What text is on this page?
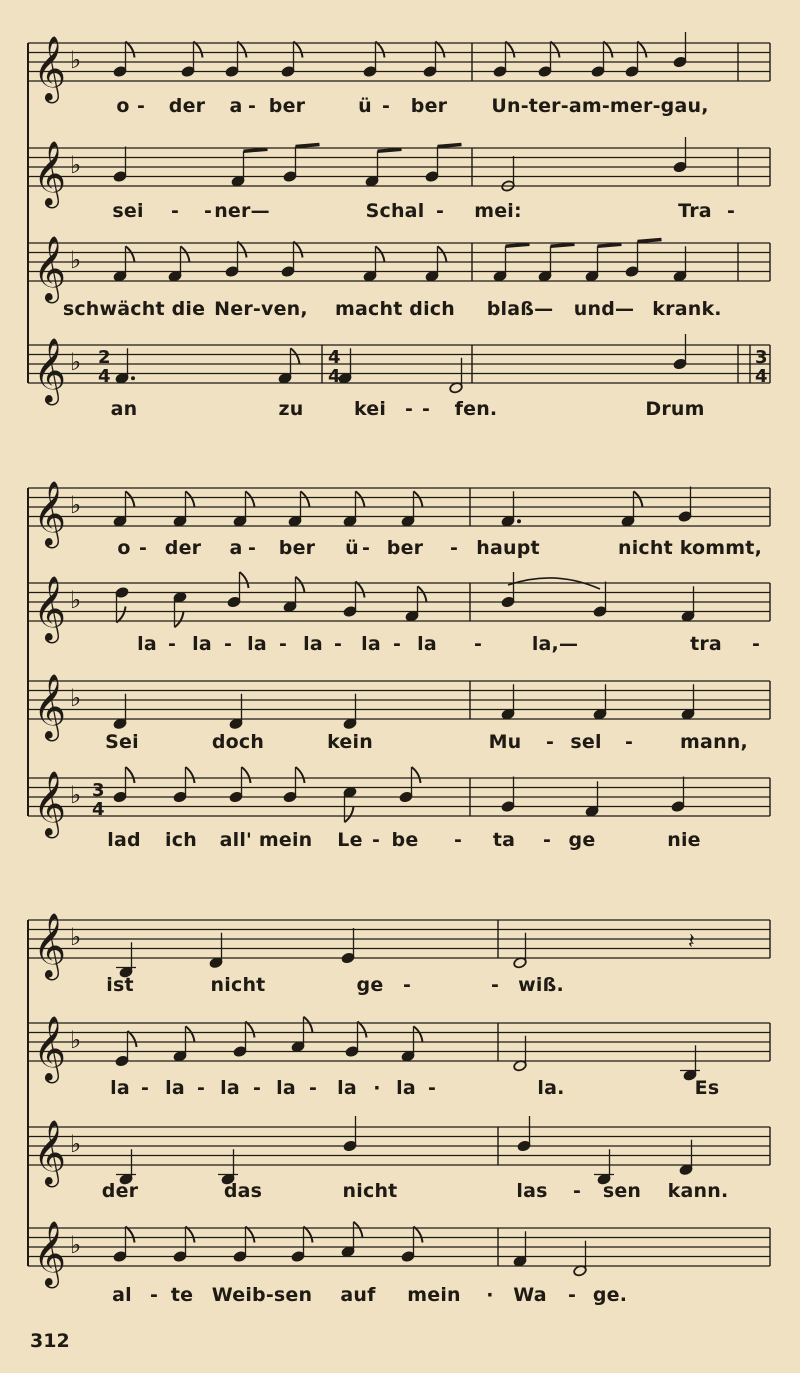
𝄞 ♭
𝄞 ♭
𝄞 ♭
𝄞 ♭
𝄞 ♭
𝄞 ♭
𝄞 ♭
𝄞 ♭
𝄞 ♭	𝄽
𝄞 ♭
𝄞 ♭
𝄞 ♭
2
4
4
4
3
4
3
4
o - der a - ber	ü - ber Un-ter-am-mer-gau,
sei - - ner—	Schal - mei:	Tra -
schwächt die Ner-ven, macht dich blaß— und— krank.
an	zu	kei - - fen.	Drum
o - der a - ber ü - ber - haupt	nicht kommt,
la - la - la - la - la - la -	la,—	tra -
Sei	doch	kein	Mu - sel - mann,
lad ich all' mein Le - be - ta - ge	nie
ist	nicht	ge -	- wiß.
la - la - la - la - la · la -	la.	Es
der	das	nicht	las - sen kann.
al - te Weib-sen auf mein · Wa - ge.
312
